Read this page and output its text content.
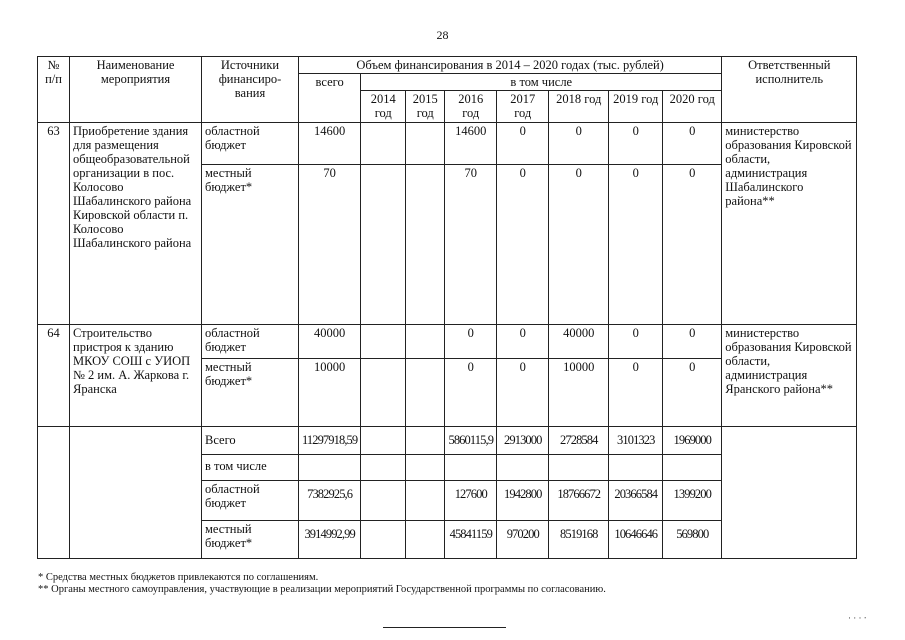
28
№ п/п	Наименование мероприятия	Источники финансиро-вания	Объем финансирования в 2014 – 2020 годах (тыс. рублей)								Ответственный исполнитель
			всего	в том числе							
				2014 год	2015 год	2016 год	2017 год	2018 год	2019 год	2020 год	
63	Приобретение здания для размещения общеобразовательной организации в пос. Колосово Шабалинского района Кировской области п. Колосово Шабалинского района	областной бюджет	14600			14600	0	0	0	0	министерство образования Кировской области, администрация Шабалинского района**
		местный бюджет*	70			70	0	0	0	0	
64	Строительство пристроя к зданию МКОУ СОШ с УИОП № 2 им. А. Жаркова г. Яранска	областной бюджет	40000			0	0	40000	0	0	министерство образования Кировской области, администрация Яранского района**
		местный бюджет*	10000			0	0	10000	0	0	
		Всего	11297918,59			5860115,9	2913000	2728584	3101323	1969000	
		в том числе									
		областной бюджет	7382925,6			127600	1942800	18766672	20366584	1399200	
		местный бюджет*	3914992,99			45841159	970200	8519168	10646646	569800	
* Средства местных бюджетов привлекаются по соглашениям.
** Органы местного самоуправления, участвующие в реализации мероприятий Государственной программы по согласованию.
· · · ‧
